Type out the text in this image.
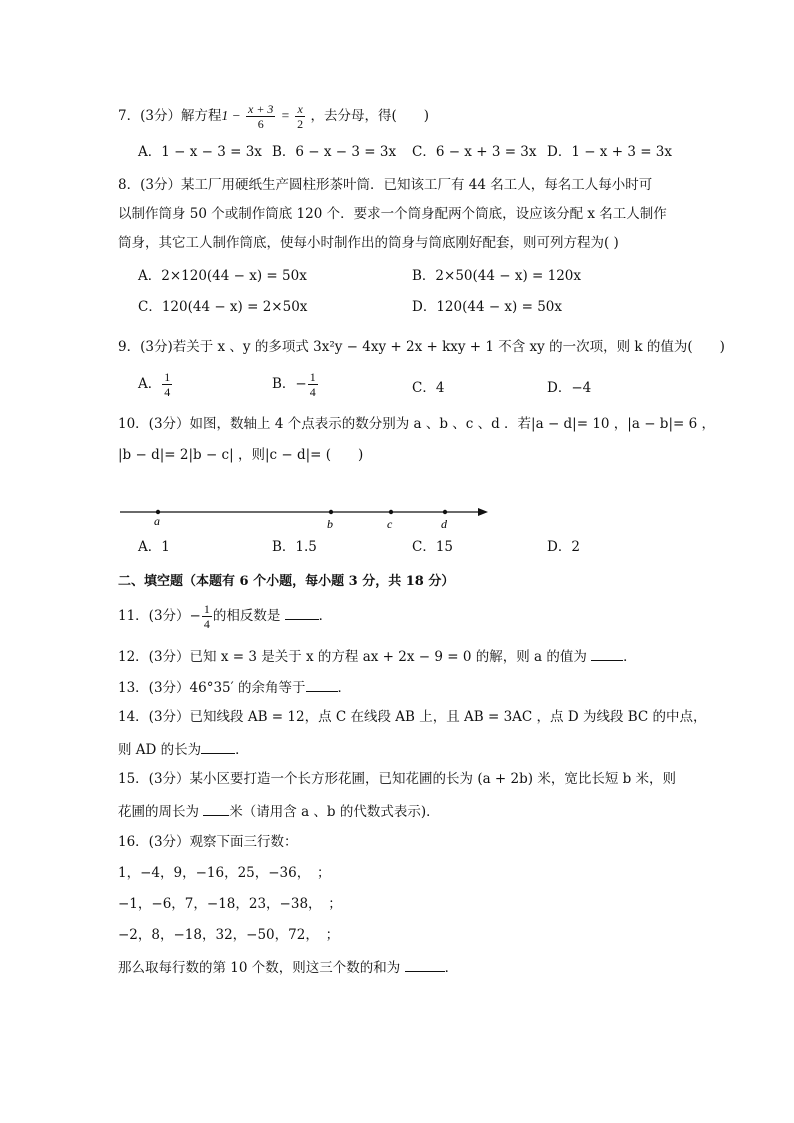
7．(3分）解方程$1 - \frac{x + 3}{6} = \frac{x}{2}$ ，去分母，得(　　)
A．1 − x − 3 = 3x B．6 − x − 3 = 3x C．6 − x + 3 = 3x D．1 − x + 3 = 3x
8．(3分）某工厂用硬纸生产圆柱形茶叶筒．已知该工厂有 44 名工人，每名工人每小时可
以制作筒身 50 个或制作筒底 120 个．要求一个筒身配两个筒底，设应该分配 x 名工人制作
筒身，其它工人制作筒底，使每小时制作出的筒身与筒底刚好配套，则可列方程为( )
A．2×120(44 − x) = 50x	B．2×50(44 − x) = 120x
C．120(44 − x) = 2×50x	D．120(44 − x) = 50x
9．(3分)若关于 x 、y 的多项式 3x²y − 4xy + 2x + kxy + 1 不含 xy 的一次项，则 k 的值为(　　)
A． $\frac{1}{4}$	B．− $\frac{1}{4}$	C．4	D．−4
10．(3分）如图，数轴上 4 个点表示的数分别为 a 、b 、c 、d ．若|a − d|= 10 ，|a − b|= 6 ，
|b − d|= 2|b − c| ，则|c − d|= (　　)
a	b	c	d
A．1	B．1.5	C．15	D．2
二、填空题（本题有 6 个小题，每小题 3 分，共 18 分）
11．(3分）− $\frac{1}{4}$ 的相反数是	．
12．(3分）已知 x = 3 是关于 x 的方程 ax + 2x − 9 = 0 的解，则 a 的值为	．
13．(3分）46°35′ 的余角等于 ．
14．(3分）已知线段 AB = 12，点 C 在线段 AB 上，且 AB = 3AC ，点 D 为线段 BC 的中点，
则 AD 的长为	．
15．(3分）某小区要打造一个长方形花圃，已知花圃的长为 (a + 2b) 米，宽比长短 b 米，则
花圃的周长为 米（请用含 a 、b 的代数式表示)．
16．(3分）观察下面三行数：
1，−4，9，−16，25，−36，　；
−1，−6，7，−18，23，−38，　；
−2，8，−18，32，−50，72，　；
那么取每行数的第 10 个数，则这三个数的和为	．
